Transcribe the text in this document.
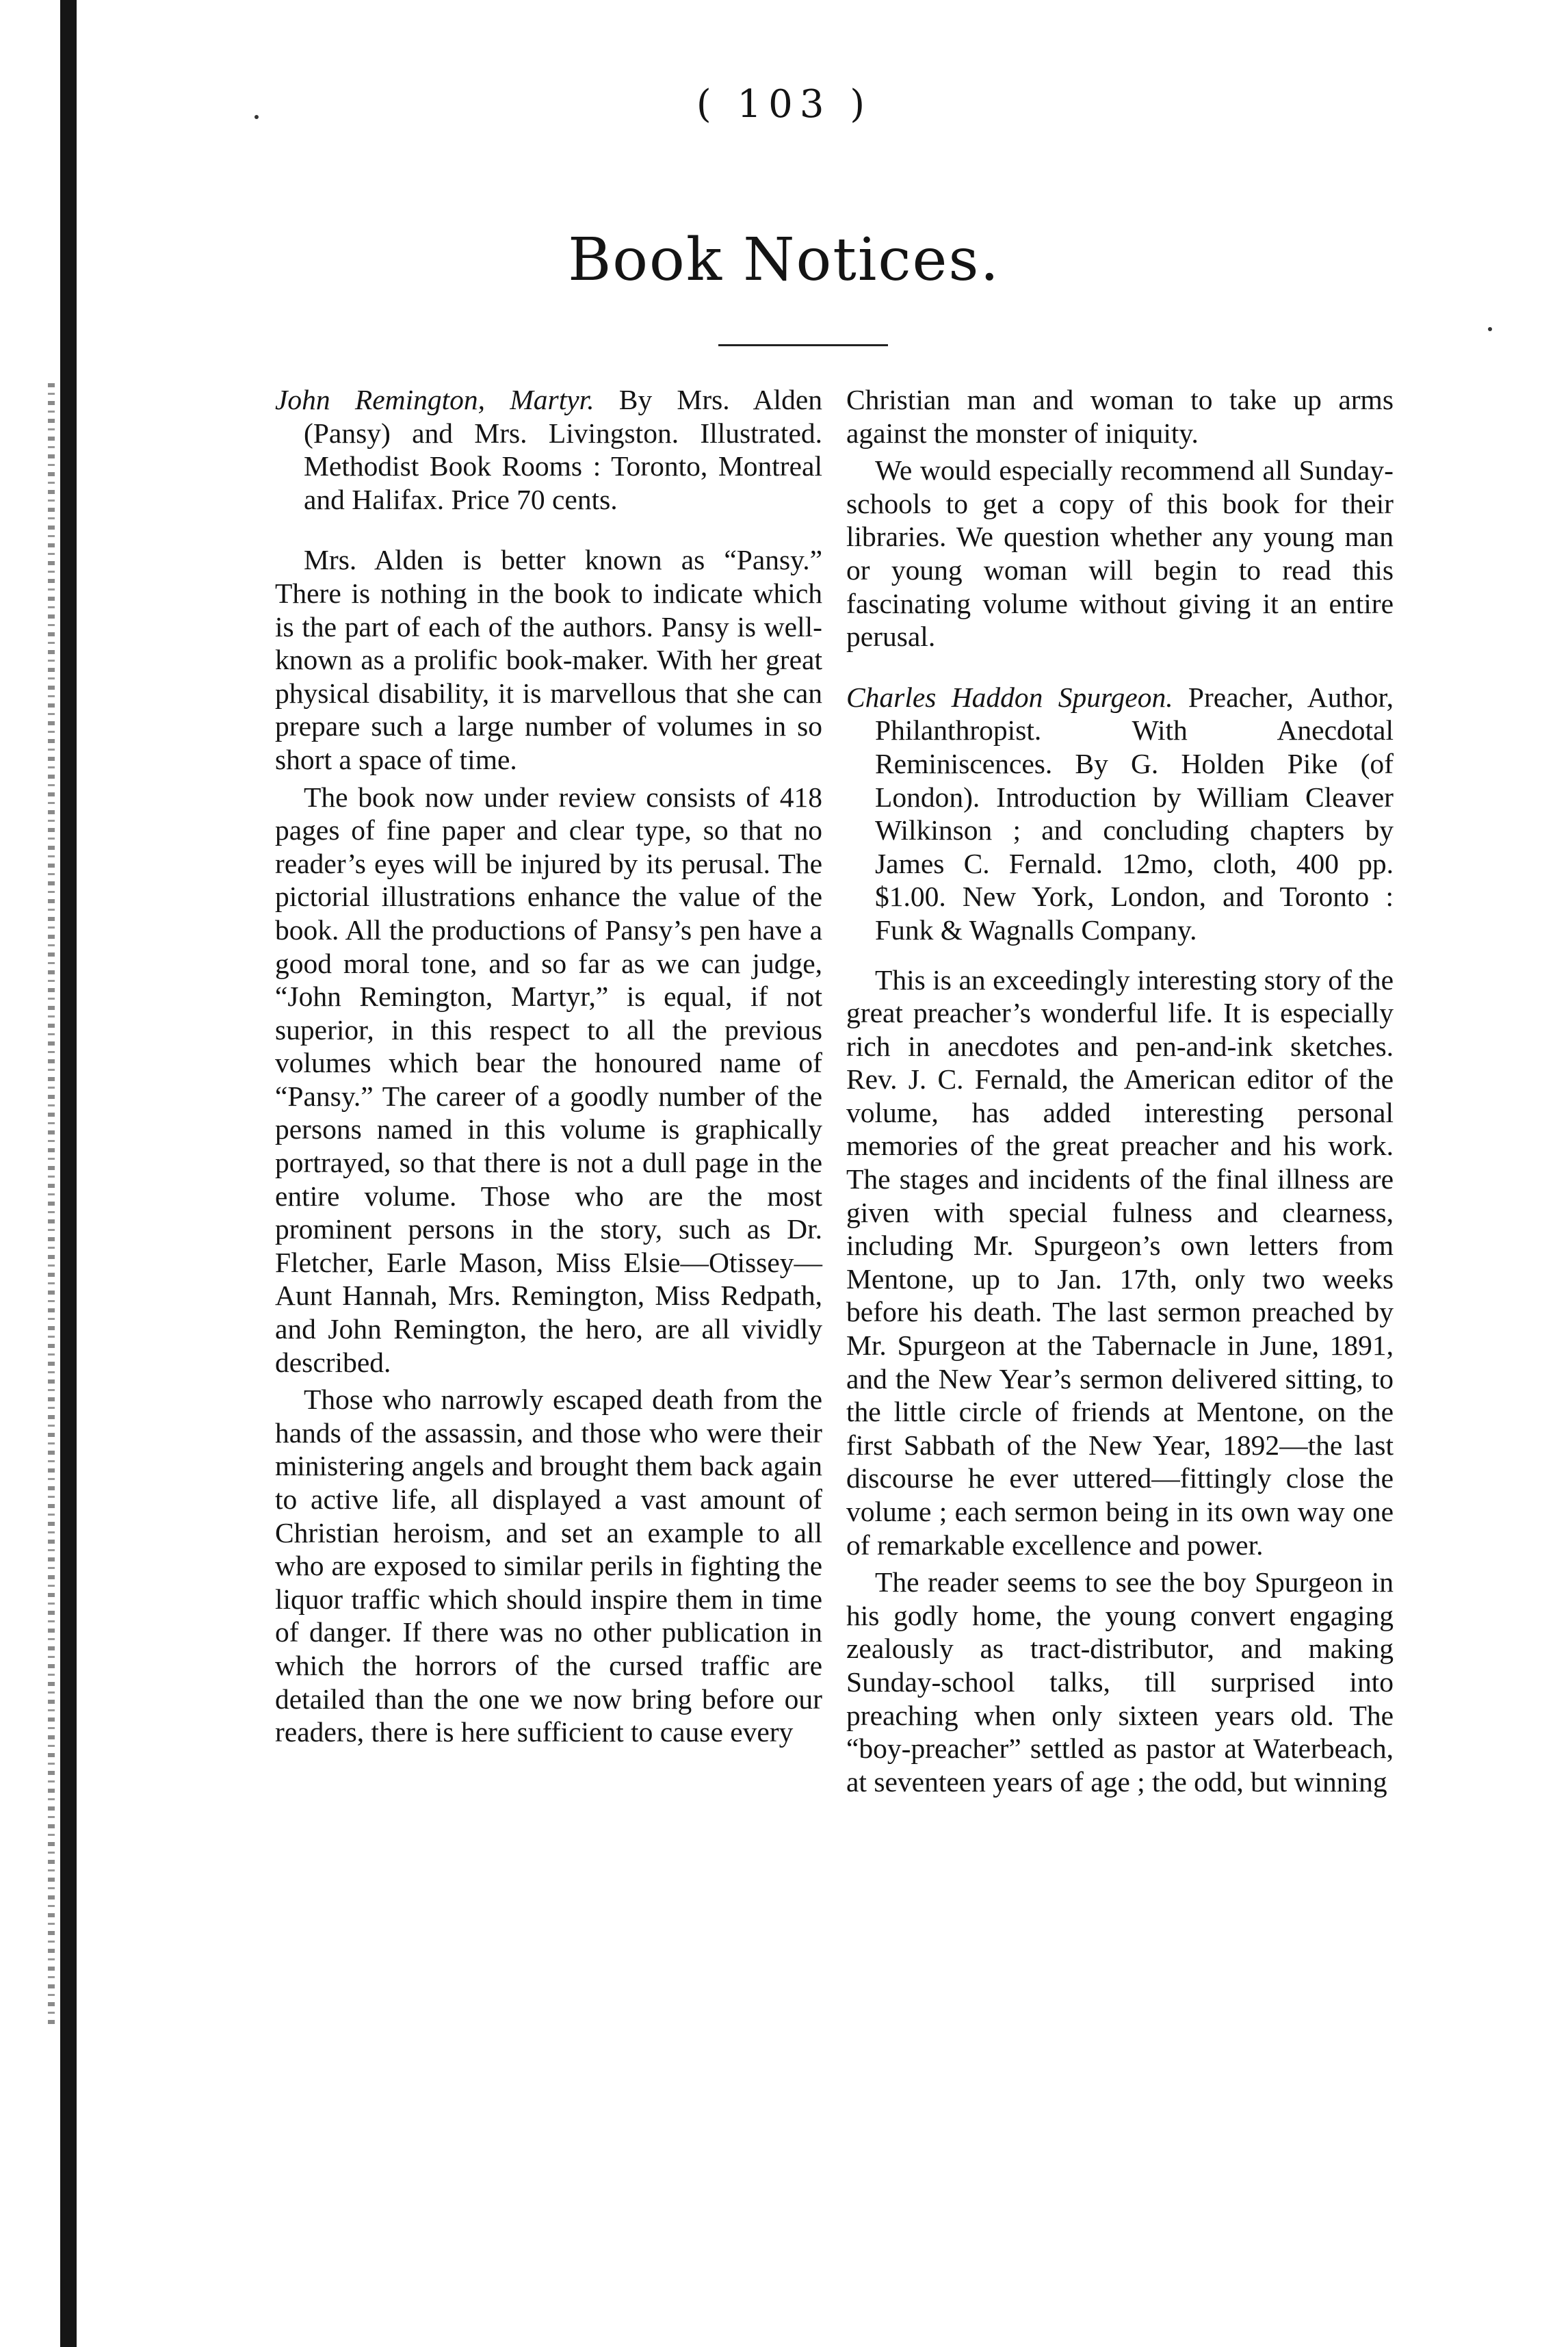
( 103 )
Book Notices.

John Remington, Martyr. By Mrs. Alden (Pansy) and Mrs. Livingston. Illustrated. Methodist Book Rooms : Toronto, Montreal and Halifax. Price 70 cents.

Mrs. Alden is better known as “Pansy.” There is nothing in the book to indicate which is the part of each of the authors. Pansy is well-known as a prolific book-maker. With her great physical disability, it is marvellous that she can prepare such a large number of volumes in so short a space of time.

The book now under review consists of 418 pages of fine paper and clear type, so that no reader’s eyes will be injured by its perusal. The pictorial illustrations enhance the value of the book. All the productions of Pansy’s pen have a good moral tone, and so far as we can judge, “John Remington, Martyr,” is equal, if not superior, in this respect to all the previous volumes which bear the honoured name of “Pansy.” The career of a goodly number of the persons named in this volume is graphically portrayed, so that there is not a dull page in the entire volume. Those who are the most prominent persons in the story, such as Dr. Fletcher, Earle Mason, Miss Elsie—Otissey—Aunt Hannah, Mrs. Remington, Miss Redpath, and John Remington, the hero, are all vividly described.

Those who narrowly escaped death from the hands of the assassin, and those who were their ministering angels and brought them back again to active life, all displayed a vast amount of Christian heroism, and set an example to all who are exposed to similar perils in fighting the liquor traffic which should inspire them in time of danger. If there was no other publication in which the horrors of the cursed traffic are detailed than the one we now bring before our readers, there is here sufficient to cause every

Christian man and woman to take up arms against the monster of iniquity.

We would especially recommend all Sunday-schools to get a copy of this book for their libraries. We question whether any young man or young woman will begin to read this fascinating volume without giving it an entire perusal.

Charles Haddon Spurgeon. Preacher, Author, Philanthropist. With Anecdotal Reminiscences. By G. Holden Pike (of London). Introduction by William Cleaver Wilkinson ; and concluding chapters by James C. Fernald. 12mo, cloth, 400 pp. $1.00. New York, London, and Toronto : Funk & Wagnalls Company.

This is an exceedingly interesting story of the great preacher’s wonderful life. It is especially rich in anecdotes and pen-and-ink sketches. Rev. J. C. Fernald, the American editor of the volume, has added interesting personal memories of the great preacher and his work. The stages and incidents of the final illness are given with special fulness and clearness, including Mr. Spurgeon’s own letters from Mentone, up to Jan. 17th, only two weeks before his death. The last sermon preached by Mr. Spurgeon at the Tabernacle in June, 1891, and the New Year’s sermon delivered sitting, to the little circle of friends at Mentone, on the first Sabbath of the New Year, 1892—the last discourse he ever uttered—fittingly close the volume ; each sermon being in its own way one of remarkable excellence and power.

The reader seems to see the boy Spurgeon in his godly home, the young convert engaging zealously as tract-distributor, and making Sunday-school talks, till surprised into preaching when only sixteen years old. The “boy-preacher” settled as pastor at Waterbeach, at seventeen years of age ; the odd, but winning
